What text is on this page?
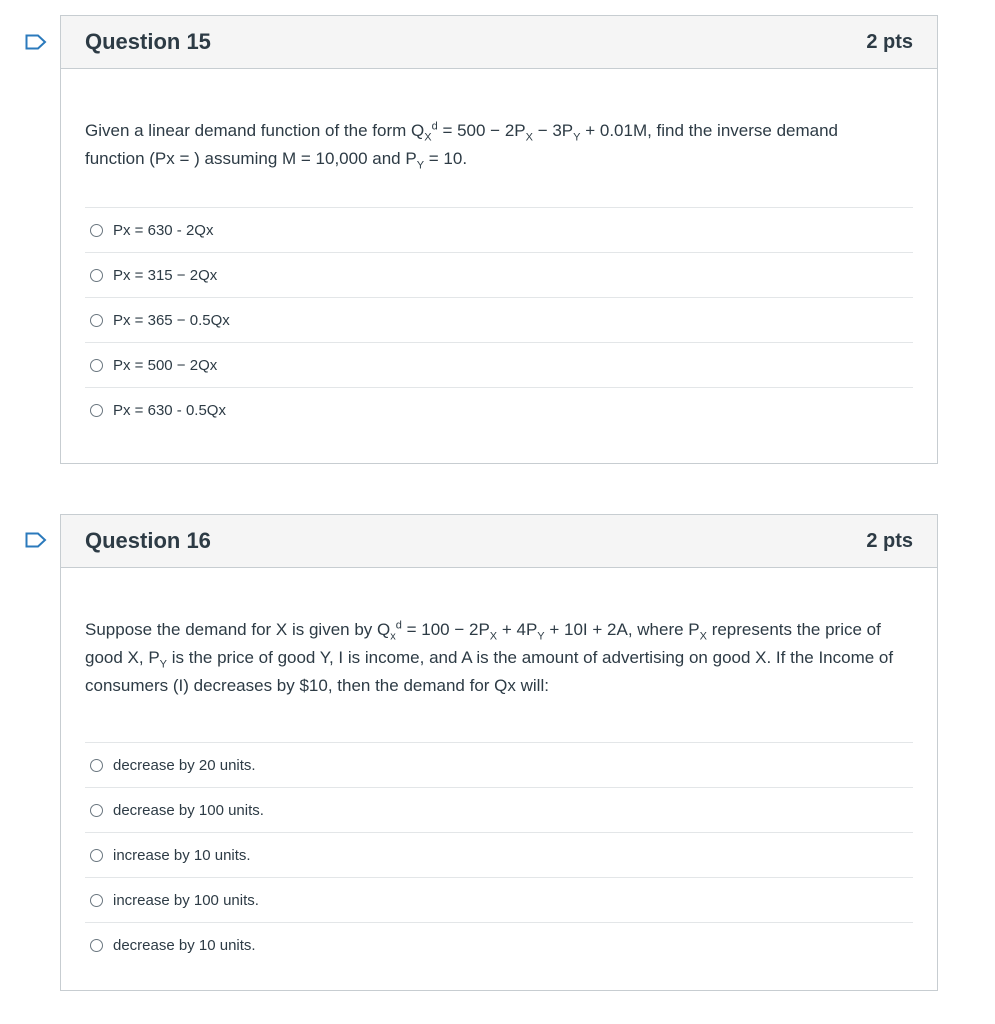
Question 15	2 pts

Given a linear demand function of the form $Q_X^d = 500 - 2P_X - 3P_Y + 0.01M$, find the inverse demand function (Px = ) assuming M = 10,000 and $P_Y = 10$.

Px = 630 - 2Qx
Px = 315 − 2Qx
Px = 365 − 0.5Qx
Px = 500 − 2Qx
Px = 630 - 0.5Qx
Question 16	2 pts

Suppose the demand for X is given by $Q_x^d = 100 - 2P_X + 4P_Y + 10I + 2A$, where $P_X$ represents the price of good X, $P_Y$ is the price of good Y, I is income, and A is the amount of advertising on good X. If the Income of consumers (I) decreases by $10, then the demand for Qx will:

decrease by 20 units.
decrease by 100 units.
increase by 10 units.
increase by 100 units.
decrease by 10 units.
